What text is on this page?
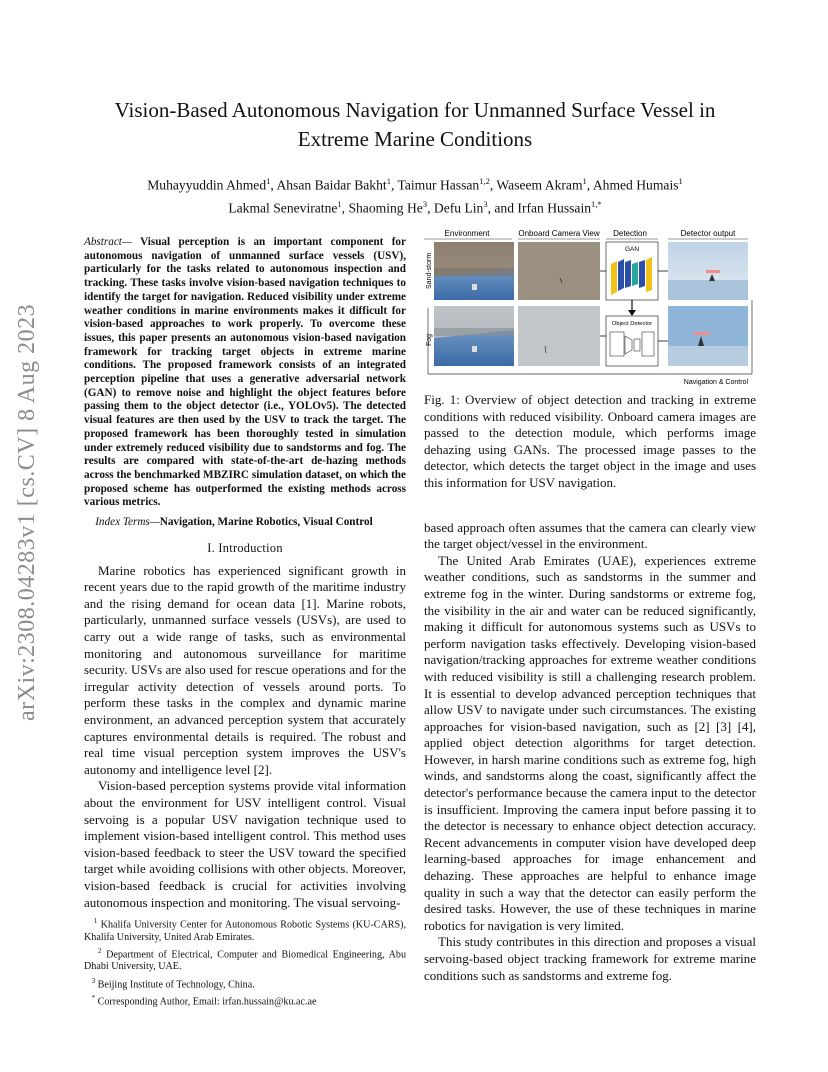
arXiv:2308.04283v1 [cs.CV] 8 Aug 2023
Vision-Based Autonomous Navigation for Unmanned Surface Vessel in
Extreme Marine Conditions
Muhayyuddin Ahmed$^1$, Ahsan Baidar Bakht$^1$, Taimur Hassan$^{1,2}$, Waseem Akram$^1$, Ahmed Humais$^1$
Lakmal Seneviratne$^1$, Shaoming He$^3$, Defu Lin$^3$, and Irfan Hussain$^{1,*}$

Abstract— Visual perception is an important component for autonomous navigation of unmanned surface vessels (USV), particularly for the tasks related to autonomous inspection and tracking. These tasks involve vision-based navigation techniques to identify the target for navigation. Reduced visibility under extreme weather conditions in marine environments makes it difficult for vision-based approaches to work properly. To overcome these issues, this paper presents an autonomous vision-based navigation framework for tracking target objects in extreme marine conditions. The proposed framework consists of an integrated perception pipeline that uses a generative adversarial network (GAN) to remove noise and highlight the object features before passing them to the object detector (i.e., YOLOv5). The detected visual features are then used by the USV to track the target. The proposed framework has been thoroughly tested in simulation under extremely reduced visibility due to sandstorms and fog. The results are compared with state-of-the-art de-hazing methods across the benchmarked MBZIRC simulation dataset, on which the proposed scheme has outperformed the existing methods across various metrics.

Index Terms—Navigation, Marine Robotics, Visual Control

I. Introduction

Marine robotics has experienced significant growth in recent years due to the rapid growth of the maritime industry and the rising demand for ocean data [1]. Marine robots, particularly, unmanned surface vessels (USVs), are used to carry out a wide range of tasks, such as environmental monitoring and autonomous surveillance for maritime security. USVs are also used for rescue operations and for the irregular activity detection of vessels around ports. To perform these tasks in the complex and dynamic marine environment, an advanced perception system that accurately captures environmental details is required. The robust and real time visual perception system improves the USV's autonomy and intelligence level [2].

Vision-based perception systems provide vital information about the environment for USV intelligent control. Visual servoing is a popular USV navigation technique used to implement vision-based intelligent control. This method uses vision-based feedback to steer the USV toward the specified target while avoiding collisions with other objects. Moreover, vision-based feedback is crucial for activities involving autonomous inspection and monitoring. The visual servoing-

$^1$ Khalifa University Center for Autonomous Robotic Systems (KU-CARS), Khalifa University, United Arab Emirates.
$^2$ Department of Electrical, Computer and Biomedical Engineering, Abu Dhabi University, UAE.
$^3$ Beijing Institute of Technology, China.
* Corresponding Author, Email: irfan.hussain@ku.ac.ae
Environment	Onboard Camera View Detection	Detector output
Sand-storm
Fog
GAN
Object Detector
Navigation & Control

Fig. 1: Overview of object detection and tracking in extreme conditions with reduced visibility. Onboard camera images are passed to the detection module, which performs image dehazing using GANs. The processed image passes to the detector, which detects the target object in the image and uses this information for USV navigation.

based approach often assumes that the camera can clearly view the target object/vessel in the environment.

The United Arab Emirates (UAE), experiences extreme weather conditions, such as sandstorms in the summer and extreme fog in the winter. During sandstorms or extreme fog, the visibility in the air and water can be reduced significantly, making it difficult for autonomous systems such as USVs to perform navigation tasks effectively. Developing vision-based navigation/tracking approaches for extreme weather conditions with reduced visibility is still a challenging research problem. It is essential to develop advanced perception techniques that allow USV to navigate under such circumstances. The existing approaches for vision-based navigation, such as [2] [3] [4], applied object detection algorithms for target detection. However, in harsh marine conditions such as extreme fog, high winds, and sandstorms along the coast, significantly affect the detector's performance because the camera input to the detector is insufficient. Improving the camera input before passing it to the detector is necessary to enhance object detection accuracy. Recent advancements in computer vision have developed deep learning-based approaches for image enhancement and dehazing. These approaches are helpful to enhance image quality in such a way that the detector can easily perform the desired tasks. However, the use of these techniques in marine robotics for navigation is very limited.

This study contributes in this direction and proposes a visual servoing-based object tracking framework for extreme marine conditions such as sandstorms and extreme fog.
